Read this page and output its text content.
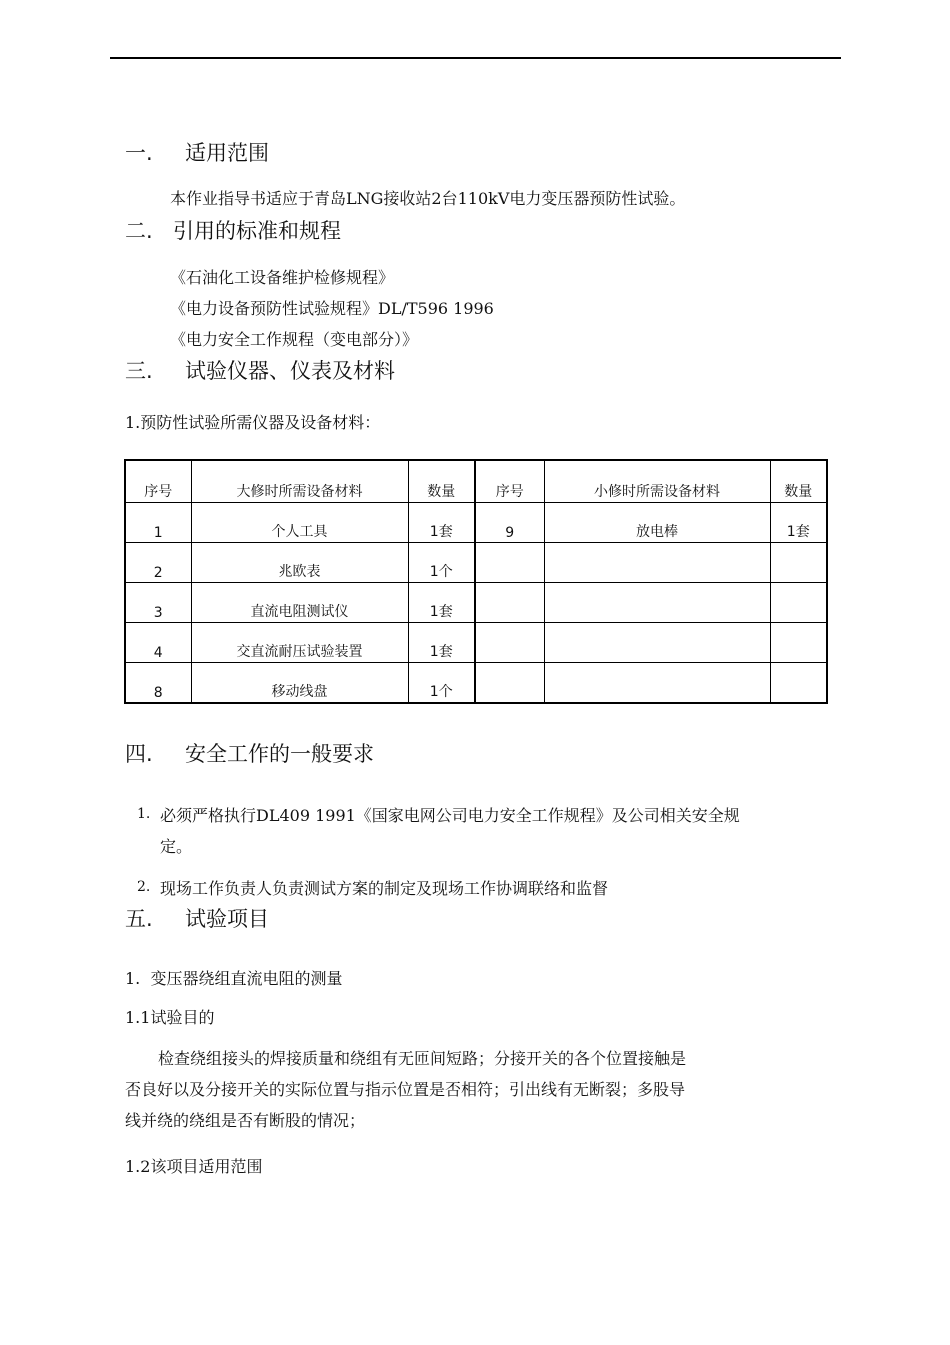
一. 适用范围
本作业指导书适应于青岛LNG接收站2台110kV电力变压器预防性试验。
二. 引用的标准和规程
《石油化工设备维护检修规程》
《电力设备预防性试验规程》DL/T596 1996
《电力安全工作规程（变电部分）》
三. 试验仪器、仪表及材料
1.预防性试验所需仪器及设备材料：
序号	大修时所需设备材料	数量	序号	小修时所需设备材料	数量
1	个人工具	1套	9	放电棒	1套
2	兆欧表	1个			
3	直流电阻测试仪	1套			
4	交直流耐压试验装置	1套			
8	移动线盘	1个			
四. 安全工作的一般要求
1. 必须严格执行DL409 1991《国家电网公司电力安全工作规程》及公司相关安全规
定。
2. 现场工作负责人负责测试方案的制定及现场工作协调联络和监督
五. 试验项目
1.  变压器绕组直流电阻的测量
1.1试验目的
检查绕组接头的焊接质量和绕组有无匝间短路；分接开关的各个位置接触是
否良好以及分接开关的实际位置与指示位置是否相符；引出线有无断裂；多股导
线并绕的绕组是否有断股的情况；
1.2该项目适用范围
